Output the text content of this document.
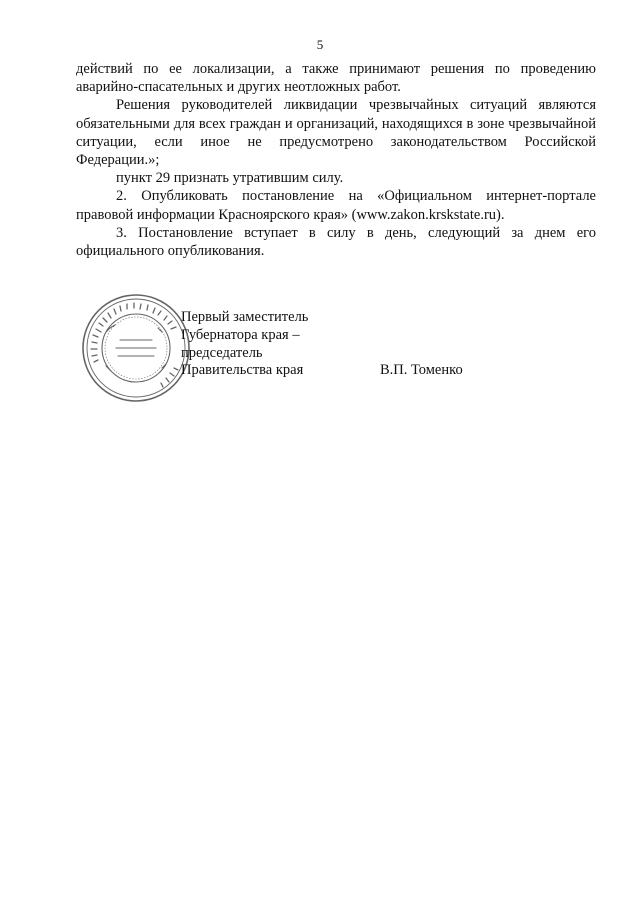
5

действий по ее локализации, а также принимают решения по проведению аварийно-спасательных и других неотложных работ.

Решения руководителей ликвидации чрезвычайных ситуаций являются обязательными для всех граждан и организаций, находящихся в зоне чрезвычайной ситуации, если иное не предусмотрено законодательством Российской Федерации.»;

пункт 29 признать утратившим силу.

2. Опубликовать постановление на «Официальном интернет-портале правовой информации Красноярского края» (www.zakon.krskstate.ru).

3. Постановление вступает в силу в день, следующий за днем его официального опубликования.

Первый заместитель
Губернатора края –
председатель
Правительства края	В.П. Томенко
